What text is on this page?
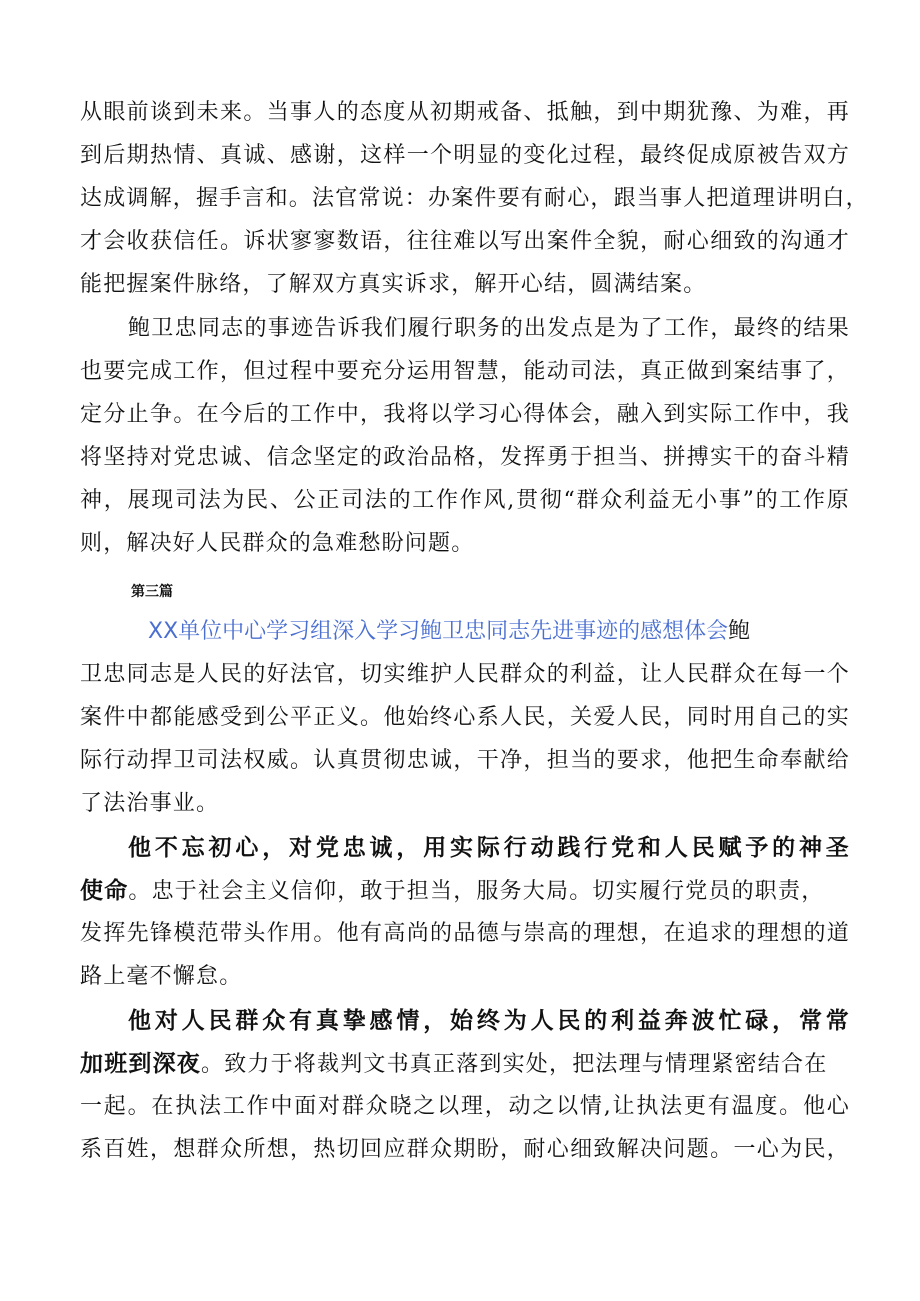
从眼前谈到未来。当事人的态度从初期戒备、抵触，到中期犹豫、为难，再
到后期热情、真诚、感谢，这样一个明显的变化过程，最终促成原被告双方
达成调解，握手言和。法官常说：办案件要有耐心，跟当事人把道理讲明白，
才会收获信任。诉状寥寥数语，往往难以写出案件全貌，耐心细致的沟通才
能把握案件脉络，了解双方真实诉求，解开心结，圆满结案。
鲍卫忠同志的事迹告诉我们履行职务的出发点是为了工作，最终的结果
也要完成工作，但过程中要充分运用智慧，能动司法，真正做到案结事了，
定分止争。在今后的工作中，我将以学习心得体会，融入到实际工作中，我
将坚持对党忠诚、信念坚定的政治品格，发挥勇于担当、拼搏实干的奋斗精
神，展现司法为民、公正司法的工作作风,贯彻“群众利益无小事”的工作原
则，解决好人民群众的急难愁盼问题。
第三篇
XX单位中心学习组深入学习鲍卫忠同志先进事迹的感想体会鲍
卫忠同志是人民的好法官，切实维护人民群众的利益，让人民群众在每一个
案件中都能感受到公平正义。他始终心系人民，关爱人民，同时用自己的实
际行动捍卫司法权威。认真贯彻忠诚，干净，担当的要求，他把生命奉献给
了法治事业。
他不忘初心，对党忠诚，用实际行动践行党和人民赋予的神圣
使命。忠于社会主义信仰，敢于担当，服务大局。切实履行党员的职责，
发挥先锋模范带头作用。他有高尚的品德与崇高的理想，在追求的理想的道
路上毫不懈怠。
他对人民群众有真挚感情，始终为人民的利益奔波忙碌，常常
加班到深夜。致力于将裁判文书真正落到实处，把法理与情理紧密结合在
一起。在执法工作中面对群众晓之以理，动之以情,让执法更有温度。他心
系百姓，想群众所想，热切回应群众期盼，耐心细致解决问题。一心为民，
